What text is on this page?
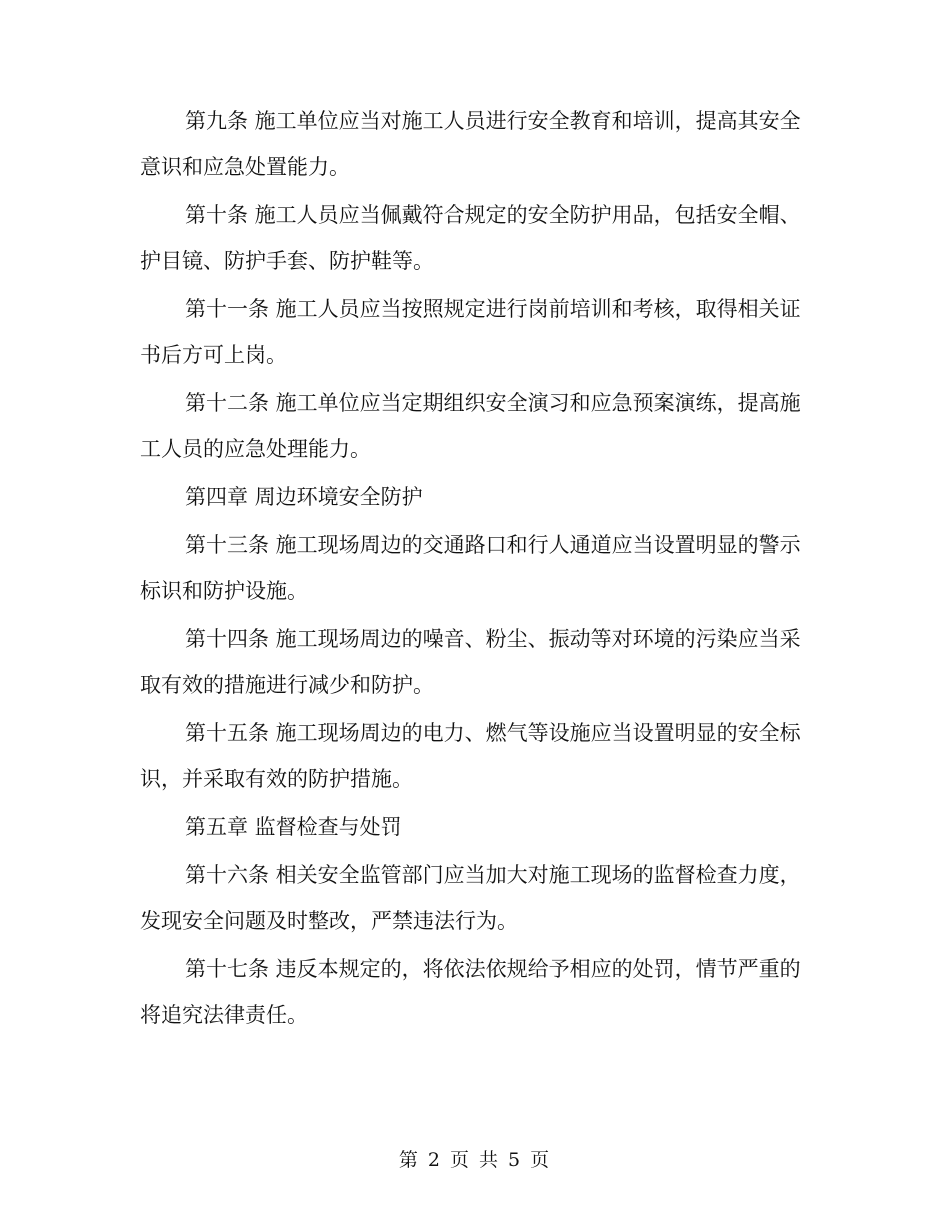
第九条 施工单位应当对施工人员进行安全教育和培训，提高其安全意识和应急处置能力。

第十条 施工人员应当佩戴符合规定的安全防护用品，包括安全帽、护目镜、防护手套、防护鞋等。

第十一条 施工人员应当按照规定进行岗前培训和考核，取得相关证书后方可上岗。

第十二条 施工单位应当定期组织安全演习和应急预案演练，提高施工人员的应急处理能力。

第四章 周边环境安全防护

第十三条 施工现场周边的交通路口和行人通道应当设置明显的警示标识和防护设施。

第十四条 施工现场周边的噪音、粉尘、振动等对环境的污染应当采取有效的措施进行减少和防护。

第十五条 施工现场周边的电力、燃气等设施应当设置明显的安全标识，并采取有效的防护措施。

第五章 监督检查与处罚

第十六条 相关安全监管部门应当加大对施工现场的监督检查力度，发现安全问题及时整改，严禁违法行为。

第十七条 违反本规定的，将依法依规给予相应的处罚，情节严重的将追究法律责任。

第 2 页 共 5 页
